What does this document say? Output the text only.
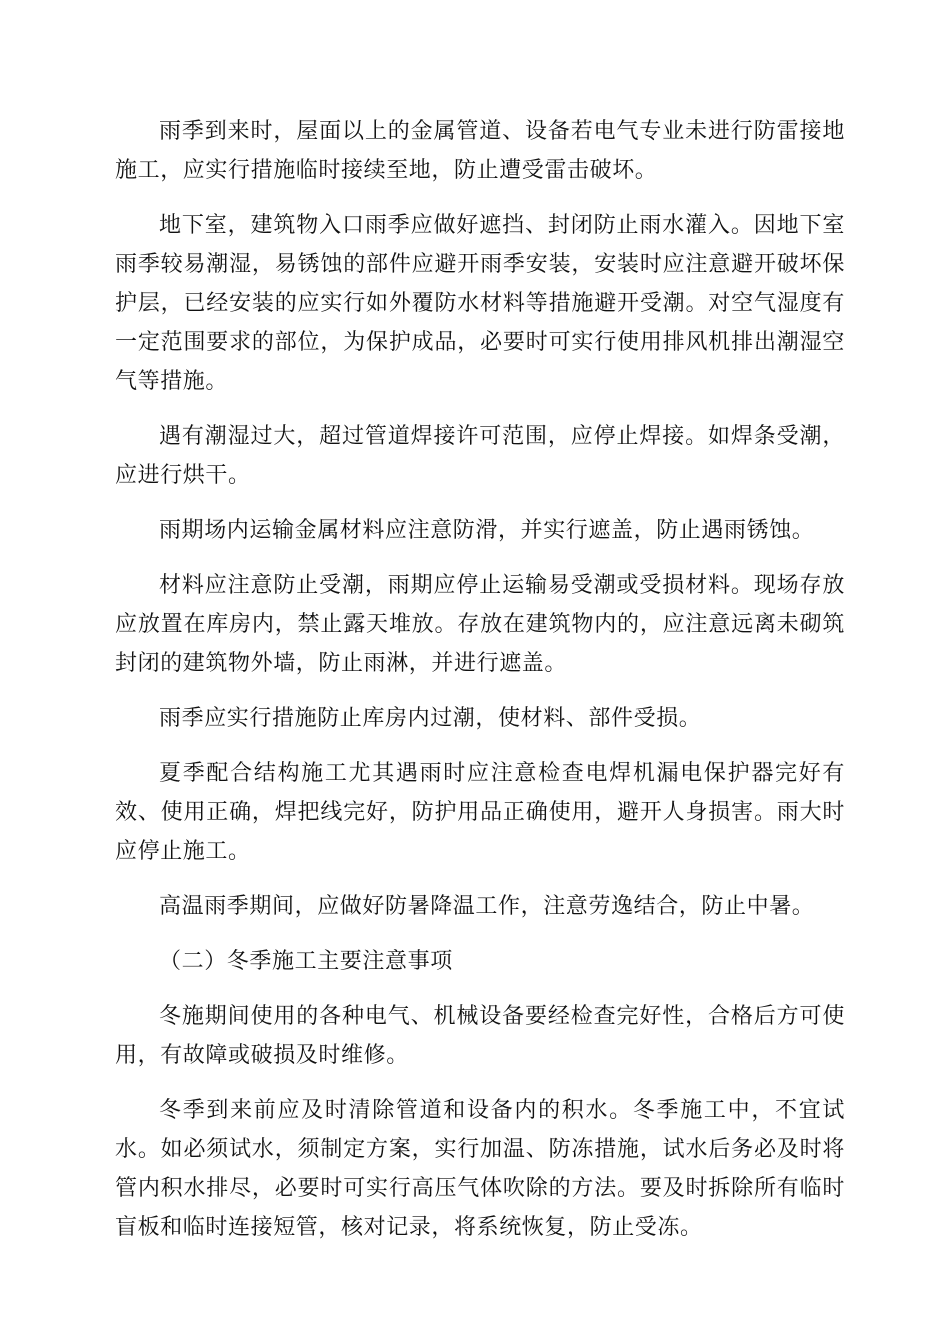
雨季到来时，屋面以上的金属管道、设备若电气专业未进行防雷接地施工，应实行措施临时接续至地，防止遭受雷击破坏。

地下室，建筑物入口雨季应做好遮挡、封闭防止雨水灌入。因地下室雨季较易潮湿，易锈蚀的部件应避开雨季安装，安装时应注意避开破坏保护层，已经安装的应实行如外覆防水材料等措施避开受潮。对空气湿度有一定范围要求的部位，为保护成品，必要时可实行使用排风机排出潮湿空气等措施。

遇有潮湿过大，超过管道焊接许可范围，应停止焊接。如焊条受潮，应进行烘干。

雨期场内运输金属材料应注意防滑，并实行遮盖，防止遇雨锈蚀。

材料应注意防止受潮，雨期应停止运输易受潮或受损材料。现场存放应放置在库房内，禁止露天堆放。存放在建筑物内的，应注意远离未砌筑封闭的建筑物外墙，防止雨淋，并进行遮盖。

雨季应实行措施防止库房内过潮，使材料、部件受损。

夏季配合结构施工尤其遇雨时应注意检查电焊机漏电保护器完好有效、使用正确，焊把线完好，防护用品正确使用，避开人身损害。雨大时应停止施工。

高温雨季期间，应做好防暑降温工作，注意劳逸结合，防止中暑。

（二）冬季施工主要注意事项

冬施期间使用的各种电气、机械设备要经检查完好性，合格后方可使用，有故障或破损及时维修。

冬季到来前应及时清除管道和设备内的积水。冬季施工中，不宜试水。如必须试水，须制定方案，实行加温、防冻措施，试水后务必及时将管内积水排尽，必要时可实行高压气体吹除的方法。要及时拆除所有临时盲板和临时连接短管，核对记录，将系统恢复，防止受冻。
